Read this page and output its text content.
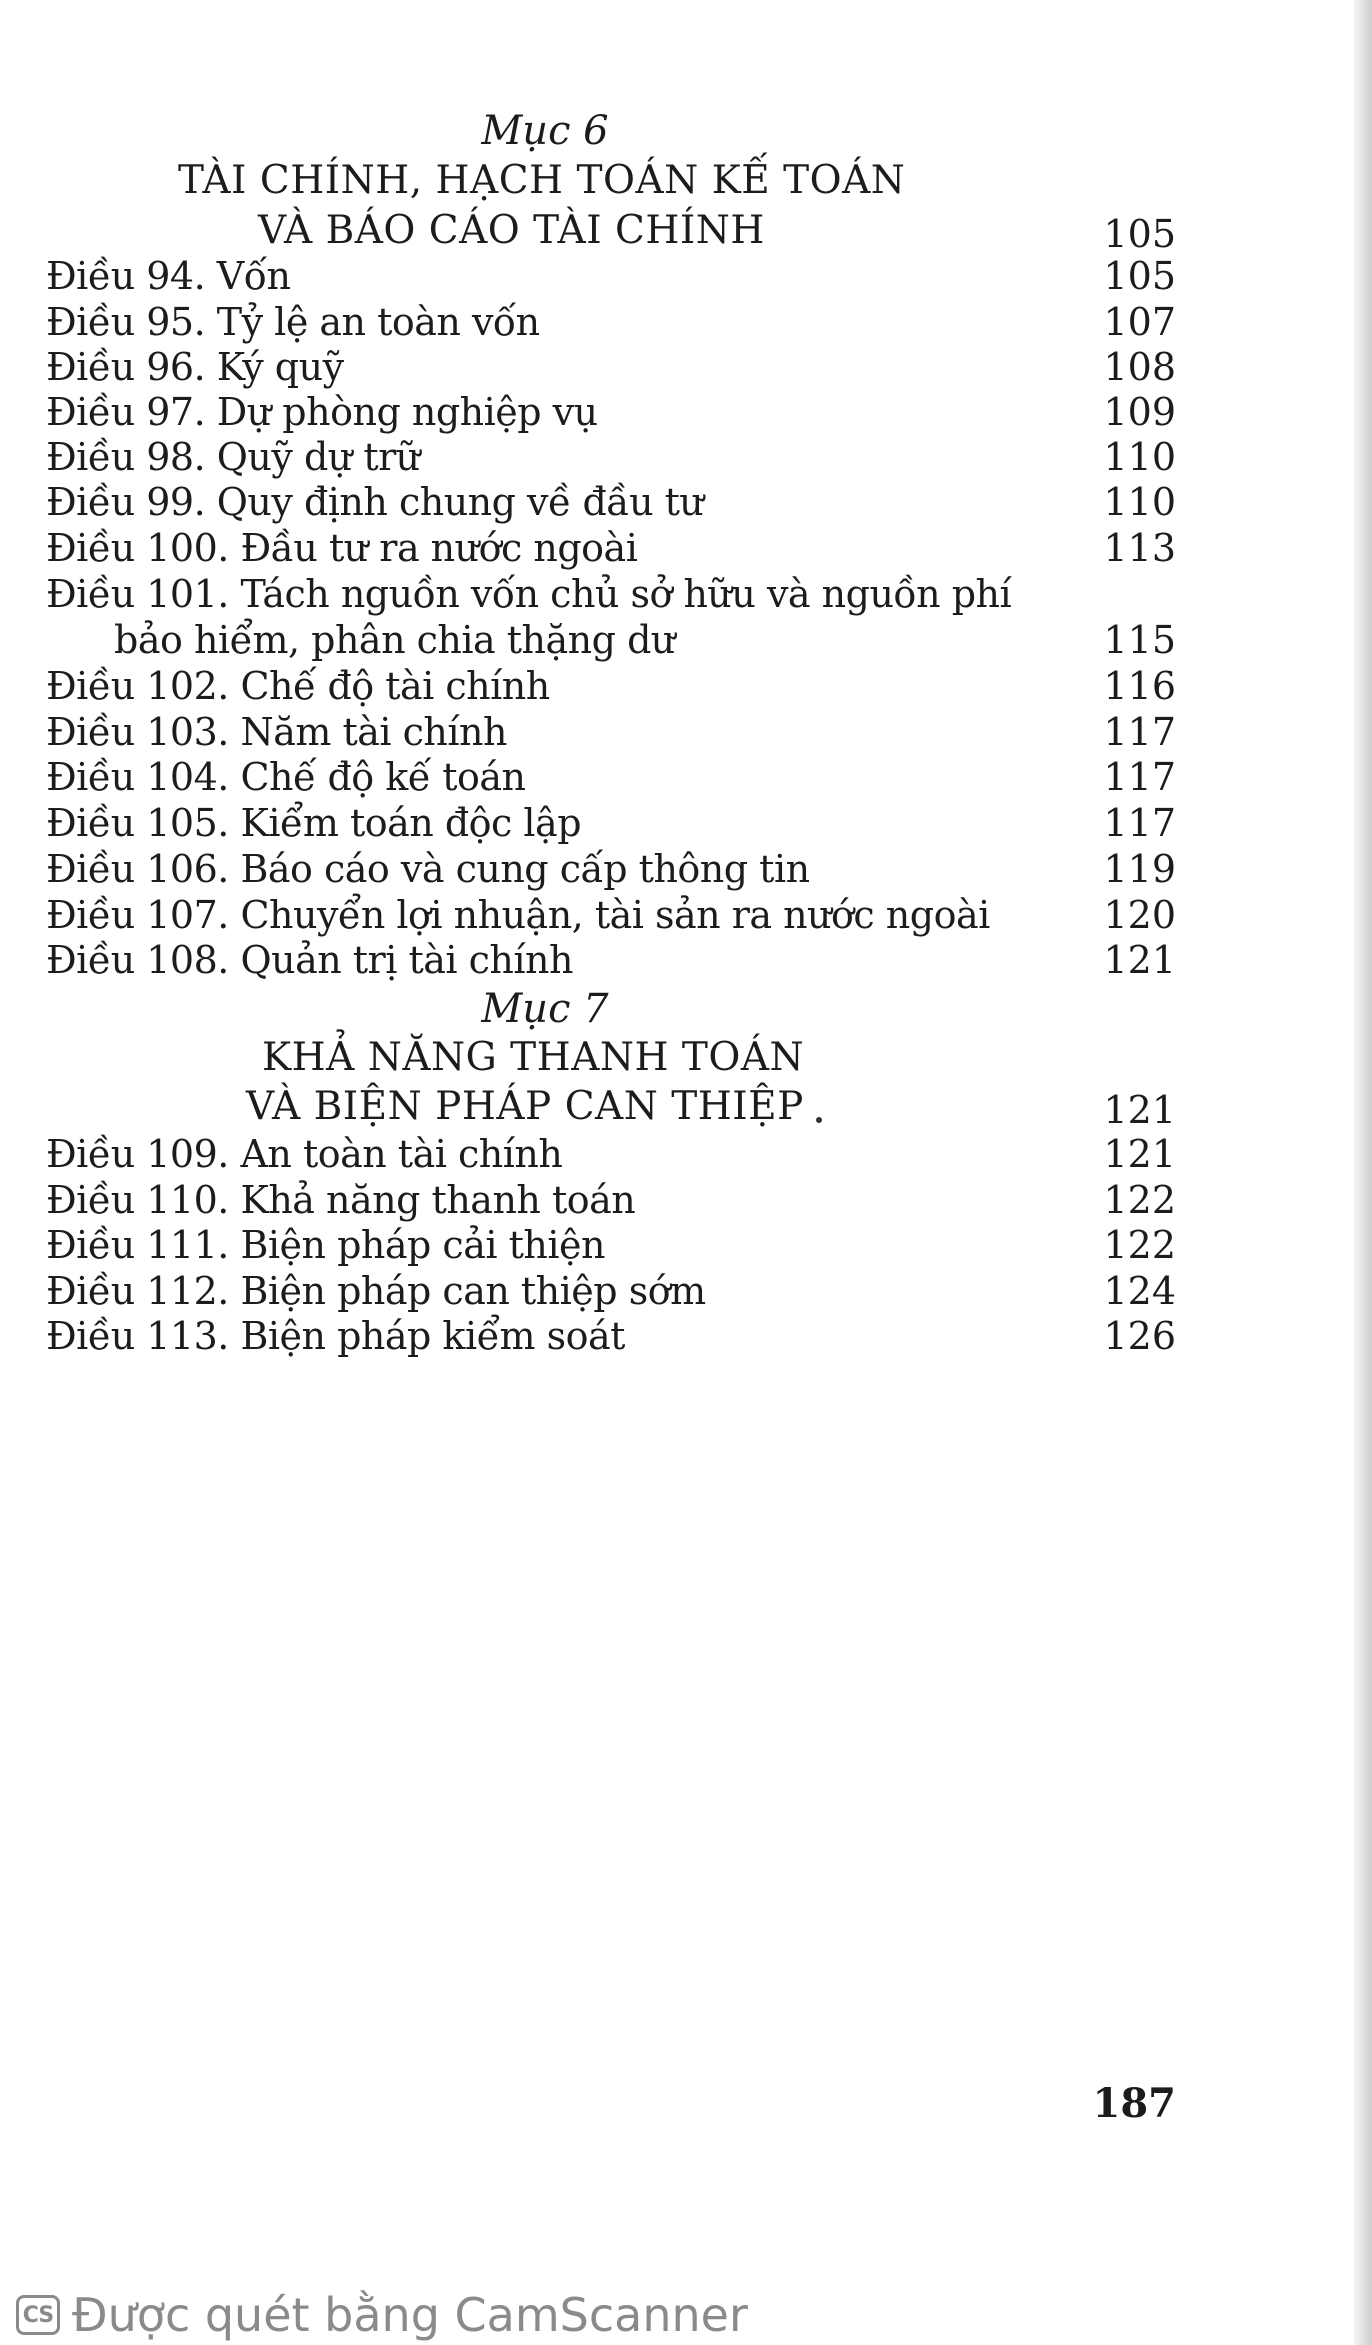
Mục 6
TÀI CHÍNH, HẠCH TOÁN KẾ TOÁN
VÀ BÁO CÁO TÀI CHÍNH	105
Điều 94. Vốn	105
Điều 95. Tỷ lệ an toàn vốn	107
Điều 96. Ký quỹ	108
Điều 97. Dự phòng nghiệp vụ	109
Điều 98. Quỹ dự trữ	110
Điều 99. Quy định chung về đầu tư	110
Điều 100. Đầu tư ra nước ngoài	113
Điều 101. Tách nguồn vốn chủ sở hữu và nguồn phí
bảo hiểm, phân chia thặng dư	115
Điều 102. Chế độ tài chính	116
Điều 103. Năm tài chính	117
Điều 104. Chế độ kế toán	117
Điều 105. Kiểm toán độc lập	117
Điều 106. Báo cáo và cung cấp thông tin	119
Điều 107. Chuyển lợi nhuận, tài sản ra nước ngoài	120
Điều 108. Quản trị tài chính	121
Mục 7
KHẢ NĂNG THANH TOÁN
VÀ BIỆN PHÁP CAN THIỆP	121
Điều 109. An toàn tài chính	121
Điều 110. Khả năng thanh toán	122
Điều 111. Biện pháp cải thiện	122
Điều 112. Biện pháp can thiệp sớm	124
Điều 113. Biện pháp kiểm soát	126
187
CS Được quét bằng CamScanner
